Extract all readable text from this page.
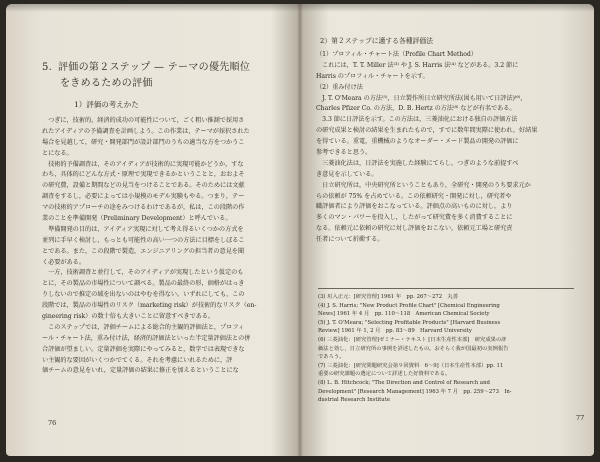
5. 評価の第２ステップ — テーマの優先順位
をきめるための評価
1）評価の考えかた
　つぎに，技術的，経済的成功の可能性について，ごく粗い推測で採用さ
れたアイディアの予備調査を計画しよう。この作業は，テーマが採択された
場合を見越して，研究・開発部門が設計部門のうちの適当な方をつかうこ
とになる。
　技術的予備調査は，そのアイディアが技術的に実現可能かどうか，すな
わち，具体的にどんな方式・原理で実現できるかということと，おおよそ
の研究費，設備と期間などの見当をつけることである。そのためには文献
調査をするし，必要によっては小規模のモデル実験もやる。つまり，テー
マの技術的アプローチの途をみつけるわけであるが，私は，この段階の作
業のことを準備開発（Preliminary Development）と呼んでいる。
　準備開発の目的は，アイディア実現に対して考え得るいくつかの方式を
並列に手早く検討し，もっとも可能性の高い一つの方法に目標をしぼるこ
とである。また，この段階で製造，エンジニアリングの担当者の意見を聞
く必要がある。
　一方，技術調査と並行して，そのアイディアが実現したという仮定のも
とに，その製品の市場性について調べる。製品の最終の形，価格がはっき
りしないので推定の域を出ないのはやむを得ない。いずれにしても，この
段階では，製品の市場性のリスク（marketing risk）が技術的なリスク（en-
gineering risk）の数十倍も大きいことに留意すべきである。
　このステップでは，評価チームによる総合的主観的評価法と，プロフィ
ール・チャート法，重み付け法，経済的評価法といった半定量評価法との併
合評価が望ましい。定量評価を実際にやってみると，数字では表現できな
い主観的な要因がいくつかでてくる。それを考慮にいれるために，評
価チームの意見をいれ，定量評価の結果に修正を加えるということにな
76
2）第２ステップに適する各種評価法
（1）プロフィル・チャート法（Profile Chart Method）
　これには，T. T. Miller 法⁽³⁾ や J. S. Harris 法⁽⁴⁾ などがある。3.2 節に
Harris のプロフィル・チャートを示す。
（2）重み付け法
　J. T. O'Meara の方法⁽⁵⁾，日立製作所日立研究所法(図も用いて日評法)⁽⁶⁾，
Charles Pfizer Co. の方法，D. B. Hertz の方法⁽⁸⁾ などが有名である。
　3.3 節に日評法を示す。この方法は，三菱油化における独自の評価方法
の研究成果と検討の結果を生まれたもので，すでに数年間実際に使われ，好結果
を得ている。重電，重機械のようなオーダー・メード製品の開発の評価に
参考できると思う。
　三菱油化法は，日評法を実施した経験にてらし，つぎのような前提すべ
き意見を示している。
　日立研究所は，中央研究所ということもあり，全研究・開発のうち要求元か
らの依頼が 75% を占めている。この依頼研究・開発に対し，研究者や
職評価者により評価をおこなっている。評価点の高いものに対し，より
多くのマン・パワーを投入し，したがって研究費を多く消費することに
なる。依頼元に依頼の研究に対し評価をおこない，依頼元工場と研究責
任者について折衝する。
(3) 垣入正元：[研究管理] 1961 年　pp. 267～272　丸善
(4) J. S. Harris; "New Product Profile Chart" [Chemical Engineering
News] 1961 年 4 月　pp. 110～118　American Chemical Society
(5) J. T. O'Meara; "Selecting Profitable Products" [Harvard Business
Review] 1961 年 1, 2 月　pp. 83～89　Harvard University
(6) 三菱油化：[研究管理]ゼミナー・テキスト [日本生産性本部]　研究成果の評
価法と効し，日立研究所の事例を詳述したもの。おそらく我が国最初の実例報告
であろう。
(7) 三菱油化：[研究問題研究会第９回資料　6～9]（日本生産性本部）pp. 11
重要の研究課題の選定について詳述した好資料である。
(8) L. B. Hitchcock; "The Direction and Control of Research and
Development" [Research Management] 1963 年 7 月　pp. 259～273　In-
dustrial Research Institute
77
